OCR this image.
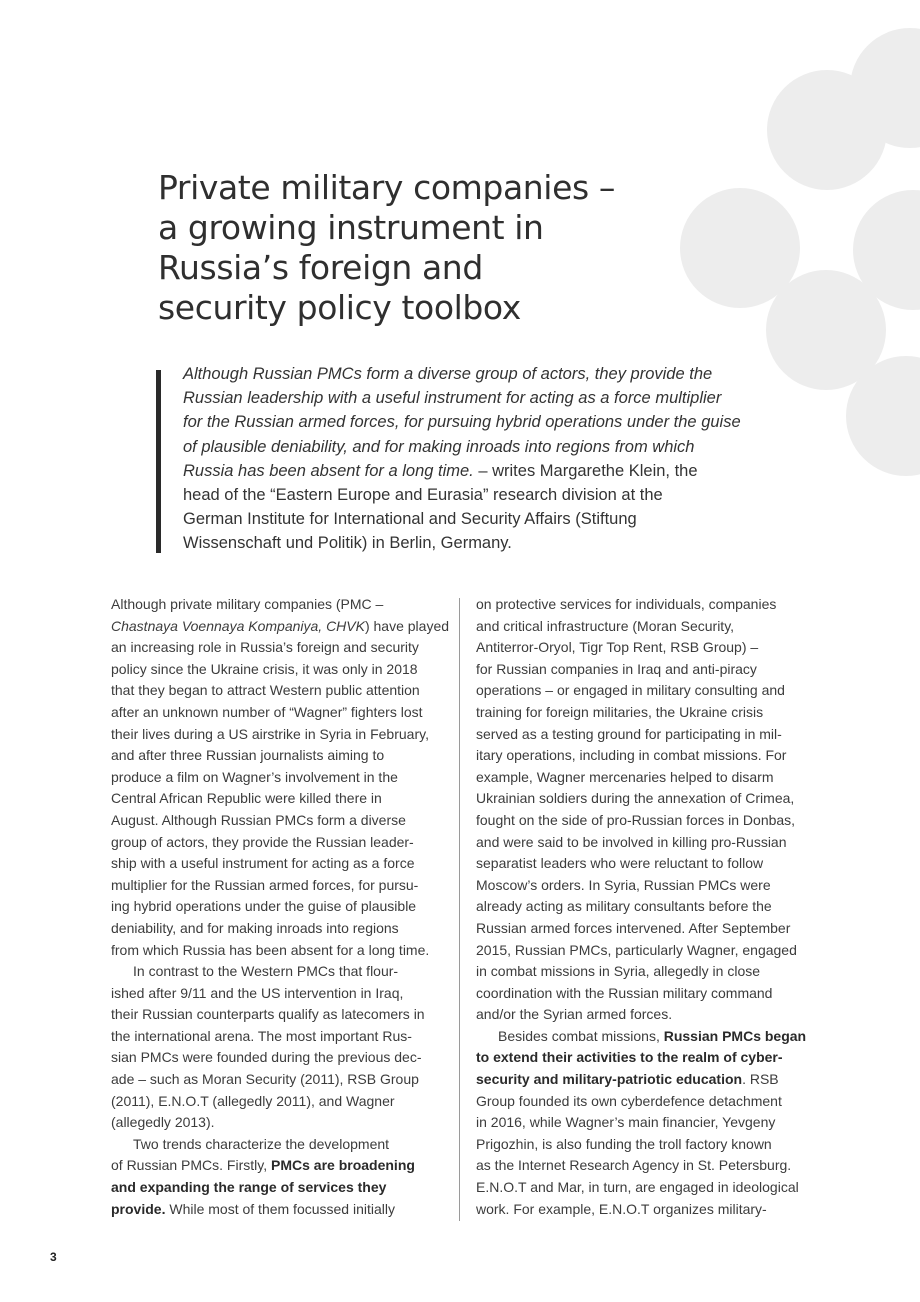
Private military companies –
a growing instrument in
Russia’s foreign and
security policy toolbox
Although Russian PMCs form a diverse group of actors, they provide the
Russian leadership with a useful instrument for acting as a force multiplier
for the Russian armed forces, for pursuing hybrid operations under the guise
of plausible deniability, and for making inroads into regions from which
Russia has been absent for a long time. – writes Margarethe Klein, the
head of the “Eastern Europe and Eurasia” research division at the
German Institute for International and Security Affairs (Stiftung
Wissenschaft und Politik) in Berlin, Germany.
Although private military companies (PMC –
Chastnaya Voennaya Kompaniya, CHVK) have played
an increasing role in Russia’s foreign and security
policy since the Ukraine crisis, it was only in 2018
that they began to attract Western public attention
after an unknown number of “Wagner” fighters lost
their lives during a US airstrike in Syria in February,
and after three Russian journalists aiming to
produce a film on Wagner’s involvement in the
Central African Republic were killed there in
August. Although Russian PMCs form a diverse
group of actors, they provide the Russian leader-
ship with a useful instrument for acting as a force
multiplier for the Russian armed forces, for pursu-
ing hybrid operations under the guise of plausible
deniability, and for making inroads into regions
from which Russia has been absent for a long time.
In contrast to the Western PMCs that flour-
ished after 9/11 and the US intervention in Iraq,
their Russian counterparts qualify as latecomers in
the international arena. The most important Rus-
sian PMCs were founded during the previous dec-
ade – such as Moran Security (2011), RSB Group
(2011), E.N.O.T (allegedly 2011), and Wagner
(allegedly 2013).
Two trends characterize the development
of Russian PMCs. Firstly, PMCs are broadening
and expanding the range of services they
provide. While most of them focussed initially
on protective services for individuals, companies
and critical infrastructure (Moran Security,
Antiterror-Oryol, Tigr Top Rent, RSB Group) –
for Russian companies in Iraq and anti-piracy
operations – or engaged in military consulting and
training for foreign militaries, the Ukraine crisis
served as a testing ground for participating in mil-
itary operations, including in combat missions. For
example, Wagner mercenaries helped to disarm
Ukrainian soldiers during the annexation of Crimea,
fought on the side of pro-Russian forces in Donbas,
and were said to be involved in killing pro-Russian
separatist leaders who were reluctant to follow
Moscow’s orders. In Syria, Russian PMCs were
already acting as military consultants before the
Russian armed forces intervened. After September
2015, Russian PMCs, particularly Wagner, engaged
in combat missions in Syria, allegedly in close
coordination with the Russian military command
and/or the Syrian armed forces.
Besides combat missions, Russian PMCs began
to extend their activities to the realm of cyber-
security and military-patriotic education. RSB
Group founded its own cyberdefence detachment
in 2016, while Wagner’s main financier, Yevgeny
Prigozhin, is also funding the troll factory known
as the Internet Research Agency in St. Petersburg.
E.N.O.T and Mar, in turn, are engaged in ideological
work. For example, E.N.O.T organizes military-
3
